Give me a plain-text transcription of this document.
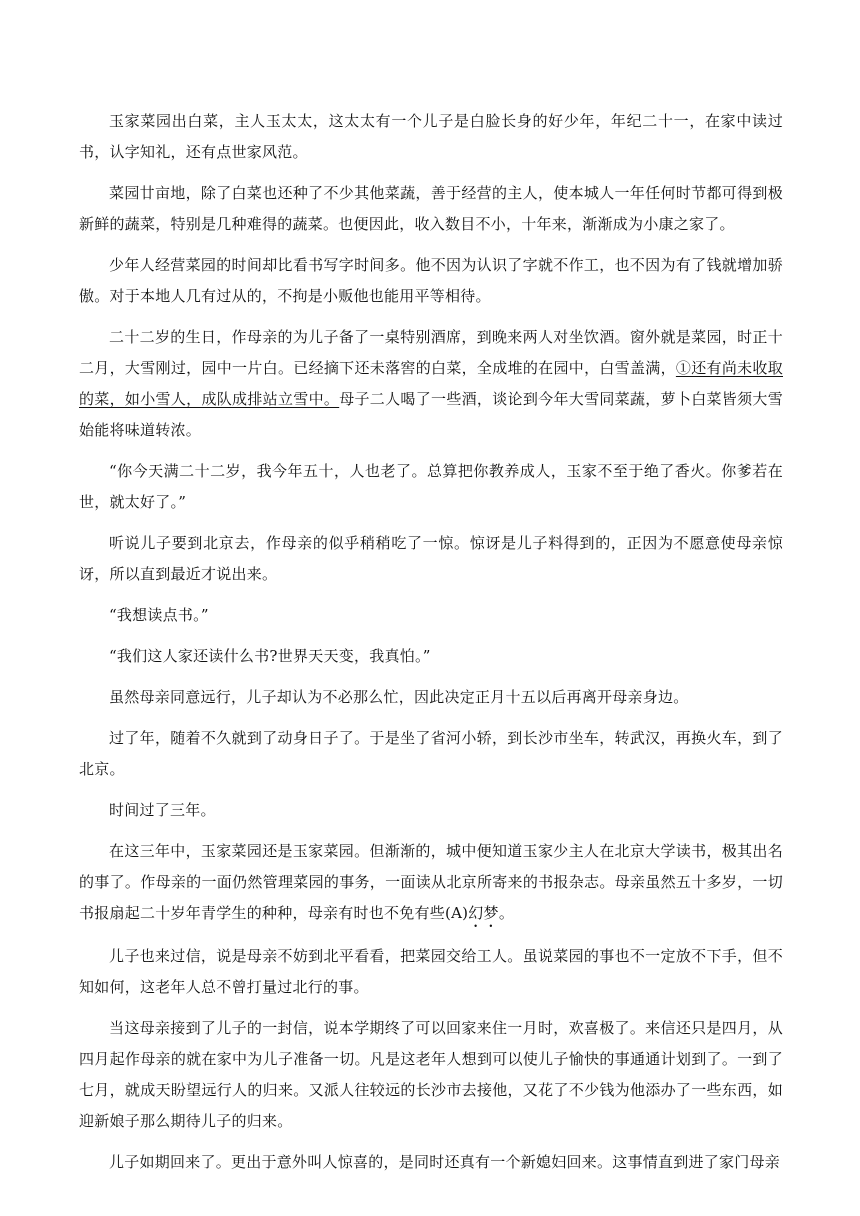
玉家菜园出白菜，主人玉太太，这太太有一个儿子是白脸长身的好少年，年纪二十一，在家中读过书，认字知礼，还有点世家风范。

菜园廿亩地，除了白菜也还种了不少其他菜蔬，善于经营的主人，使本城人一年任何时节都可得到极新鲜的蔬菜，特别是几种难得的蔬菜。也便因此，收入数目不小，十年来，渐渐成为小康之家了。

少年人经营菜园的时间却比看书写字时间多。他不因为认识了字就不作工，也不因为有了钱就增加骄傲。对于本地人几有过从的，不拘是小贩他也能用平等相待。

二十二岁的生日，作母亲的为儿子备了一桌特别酒席，到晚来两人对坐饮酒。窗外就是菜园，时正十二月，大雪刚过，园中一片白。已经摘下还未落窖的白菜，全成堆的在园中，白雪盖满，①还有尚未收取的菜，如小雪人，成队成排站立雪中。母子二人喝了一些酒，谈论到今年大雪同菜蔬，萝卜白菜皆须大雪始能将味道转浓。

“你今天满二十二岁，我今年五十，人也老了。总算把你教养成人，玉家不至于绝了香火。你爹若在世，就太好了。”

听说儿子要到北京去，作母亲的似乎稍稍吃了一惊。惊讶是儿子料得到的，正因为不愿意使母亲惊讶，所以直到最近才说出来。

“我想读点书。”

“我们这人家还读什么书?世界天天变，我真怕。”

虽然母亲同意远行，儿子却认为不必那么忙，因此决定正月十五以后再离开母亲身边。

过了年，随着不久就到了动身日子了。于是坐了省河小轿，到长沙市坐车，转武汉，再换火车，到了北京。

时间过了三年。

在这三年中，玉家菜园还是玉家菜园。但渐渐的，城中便知道玉家少主人在北京大学读书，极其出名的事了。作母亲的一面仍然管理菜园的事务，一面读从北京所寄来的书报杂志。母亲虽然五十多岁，一切书报扇起二十岁年青学生的种种，母亲有时也不免有些(A)幻梦。

儿子也来过信，说是母亲不妨到北平看看，把菜园交给工人。虽说菜园的事也不一定放不下手，但不知如何，这老年人总不曾打量过北行的事。

当这母亲接到了儿子的一封信，说本学期终了可以回家来住一月时，欢喜极了。来信还只是四月，从四月起作母亲的就在家中为儿子准备一切。凡是这老年人想到可以使儿子愉快的事通通计划到了。一到了七月，就成天盼望远行人的归来。又派人往较远的长沙市去接他，又花了不少钱为他添办了一些东西，如迎新娘子那么期待儿子的归来。

儿子如期回来了。更出于意外叫人惊喜的，是同时还真有一个新媳妇回来。这事情直到进了家门母亲
